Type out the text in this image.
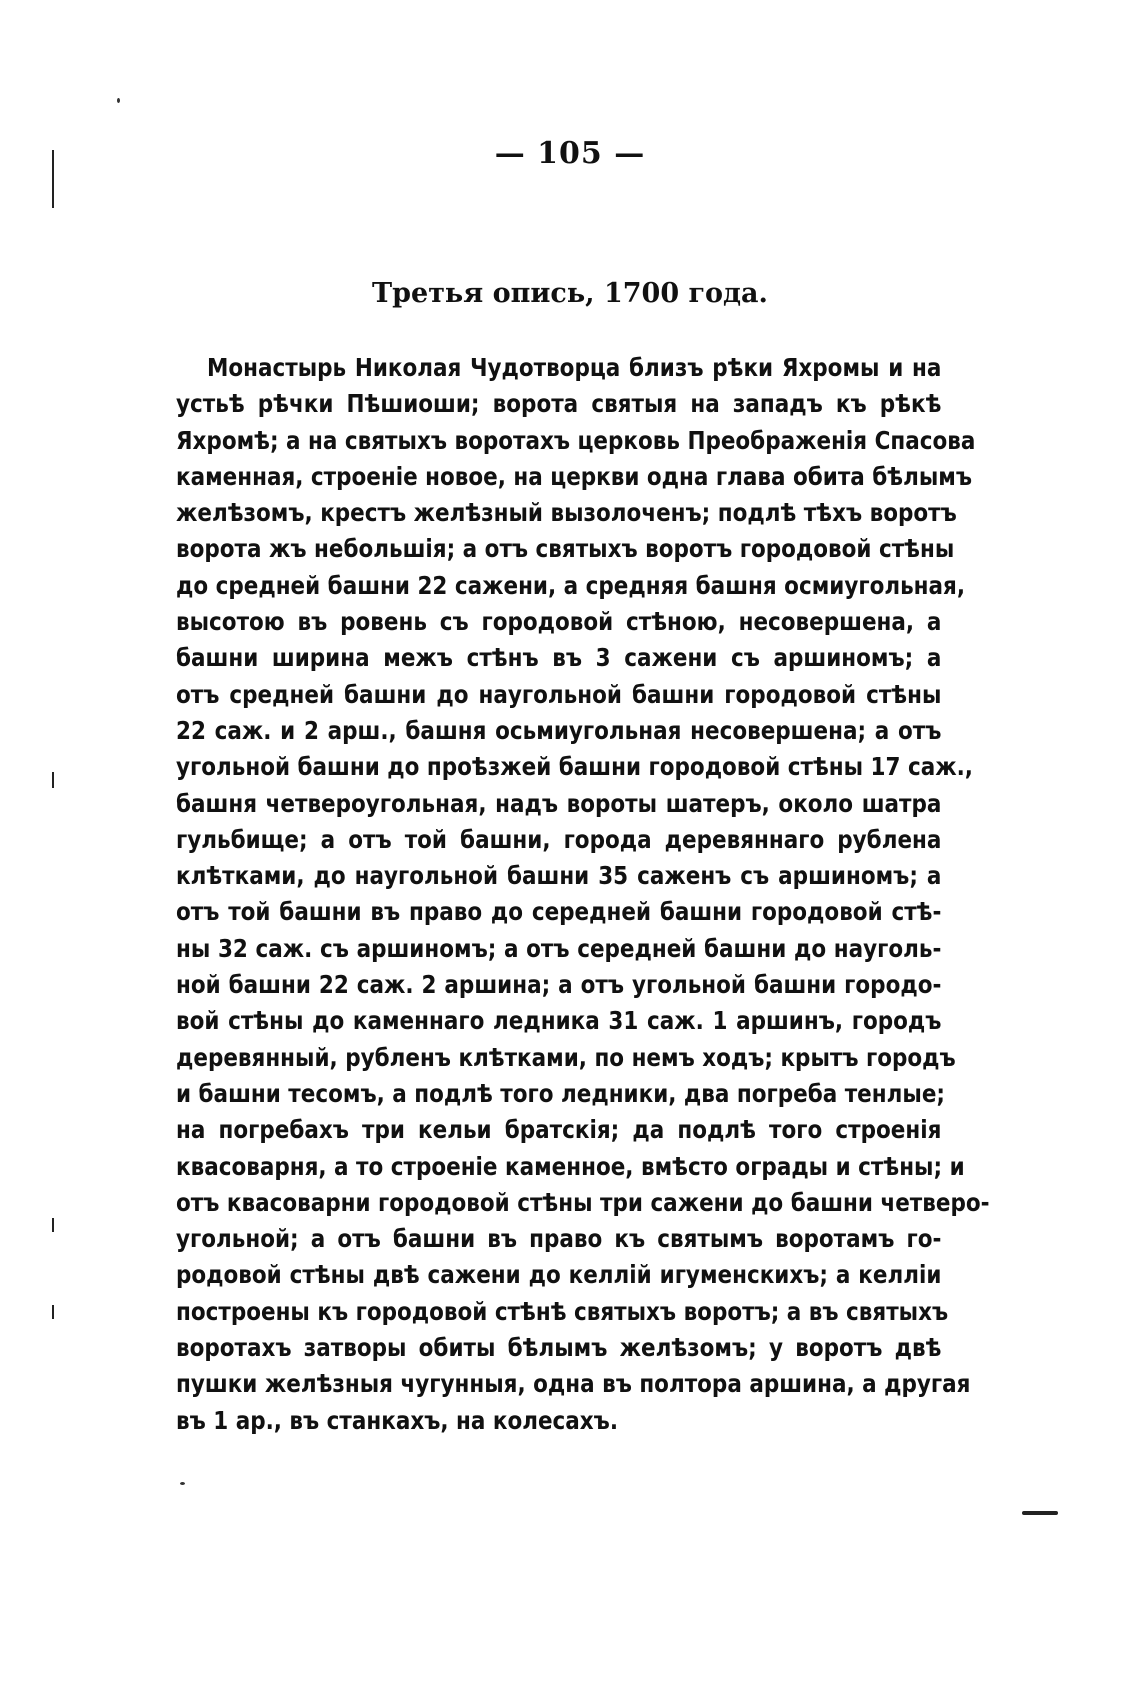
— 105 —
Третья опись, 1700 года.
Монастырь Николая Чудотворца близъ рѣки Яхромы и на
устьѣ рѣчки Пѣшиоши; ворота святыя на западъ къ рѣкѣ
Яхромѣ; а на святыхъ воротахъ церковь Преображенія Спасова
каменная, строеніе новое, на церкви одна глава обита бѣлымъ
желѣзомъ, крестъ желѣзный вызолоченъ; подлѣ тѣхъ воротъ
ворота жъ небольшія; а отъ святыхъ воротъ городовой стѣны
до средней башни 22 сажени, а средняя башня осмиугольная,
высотою въ ровень съ городовой стѣною, несовершена, а
башни ширина межъ стѣнъ въ 3 сажени съ аршиномъ; а
отъ средней башни до наугольной башни городовой стѣны
22 саж. и 2 арш., башня осьмиугольная несовершена; а отъ
угольной башни до проѣзжей башни городовой стѣны 17 саж.,
башня четвероугольная, надъ вороты шатеръ, около шатра
гульбище; а отъ той башни, города деревяннаго рублена
клѣтками, до наугольной башни 35 саженъ съ аршиномъ; а
отъ той башни въ право до середней башни городовой стѣ-
ны 32 саж. съ аршиномъ; а отъ середней башни до науголь-
ной башни 22 саж. 2 аршина; а отъ угольной башни городо-
вой стѣны до каменнаго ледника 31 саж. 1 аршинъ, городъ
деревянный, рубленъ клѣтками, по немъ ходъ; крытъ городъ
и башни тесомъ, а подлѣ того ледники, два погреба тенлые;
на погребахъ три кельи братскія; да подлѣ того строенія
квасоварня, а то строеніе каменное, вмѣсто ограды и стѣны; и
отъ квасоварни городовой стѣны три сажени до башни четверо-
угольной; а отъ башни въ право къ святымъ воротамъ го-
родовой стѣны двѣ сажени до келлій игуменскихъ; а келліи
построены къ городовой стѣнѣ святыхъ воротъ; а въ святыхъ
воротахъ затворы обиты бѣлымъ желѣзомъ; у воротъ двѣ
пушки желѣзныя чугунныя, одна въ полтора аршина, а другая
въ 1 ар., въ станкахъ, на колесахъ.
